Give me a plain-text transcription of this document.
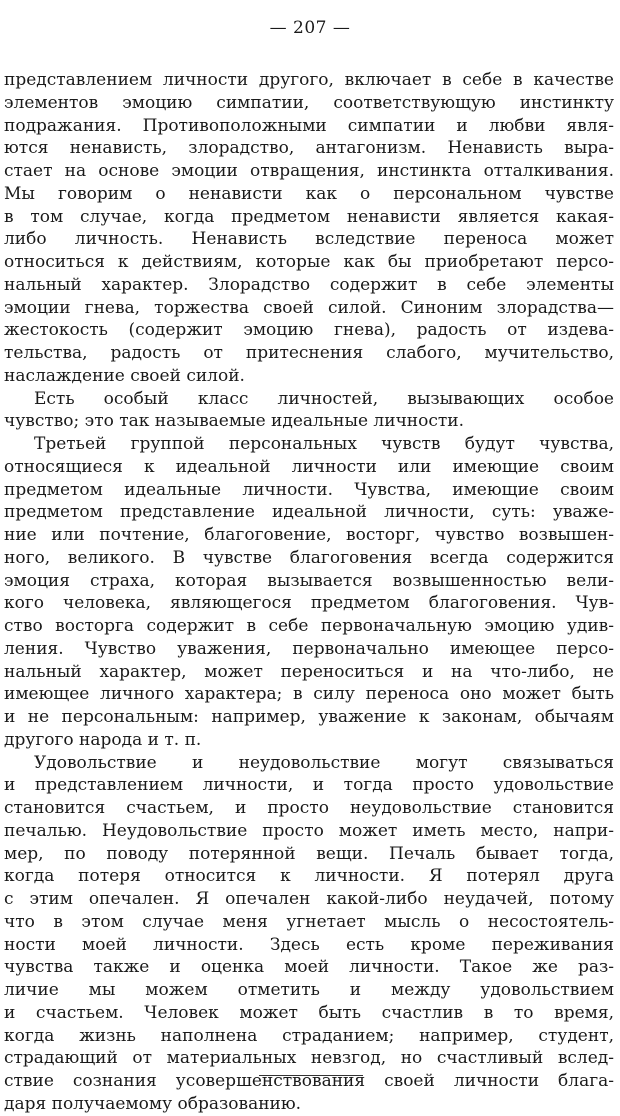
— 207 —
представлением личности другого, включает в себе в качестве
элементов эмоцию симпатии, соответствующую инстинкту
подражания. Противоположными симпатии и любви явля-
ются ненависть, злорадство, антагонизм. Ненависть выра-
стает на основе эмоции отвращения, инстинкта отталкивания.
Мы говорим о ненависти как о персональном чувстве
в том случае, когда предметом ненависти является какая-
либо личность. Ненависть вследствие переноса может
относиться к действиям, которые как бы приобретают персо-
нальный характер. Злорадство содержит в себе элементы
эмоции гнева, торжества своей силой. Синоним злорадства—
жестокость (содержит эмоцию гнева), радость от издева-
тельства, радость от притеснения слабого, мучительство,
наслаждение своей силой.
Есть особый класс личностей, вызывающих особое
чувство; это так называемые идеальные личности.
Третьей группой персональных чувств будут чувства,
относящиеся к идеальной личности или имеющие своим
предметом идеальные личности. Чувства, имеющие своим
предметом представление идеальной личности, суть: уваже-
ние или почтение, благоговение, восторг, чувство возвышен-
ного, великого. В чувстве благоговения всегда содержится
эмоция страха, которая вызывается возвышенностью вели-
кого человека, являющегося предметом благоговения. Чув-
ство восторга содержит в себе первоначальную эмоцию удив-
ления. Чувство уважения, первоначально имеющее персо-
нальный характер, может переноситься и на что-либо, не
имеющее личного характера; в силу переноса оно может быть
и не персональным: например, уважение к законам, обычаям
другого народа и т. п.
Удовольствие и неудовольствие могут связываться
и представлением личности, и тогда просто удовольствие
становится счастьем, и просто неудовольствие становится
печалью. Неудовольствие просто может иметь место, напри-
мер, по поводу потерянной вещи. Печаль бывает тогда,
когда потеря относится к личности. Я потерял друга
с этим опечален. Я опечален какой-либо неудачей, потому
что в этом случае меня угнетает мысль о несостоятель-
ности моей личности. Здесь есть кроме переживания
чувства также и оценка моей личности. Такое же раз-
личие мы можем отметить и между удовольствием
и счастьем. Человек может быть счастлив в то время,
когда жизнь наполнена страданием; например, студент,
страдающий от материальных невзгод, но счастливый вслед-
ствие сознания усовершенствования своей личности блага-
даря получаемому образованию.
